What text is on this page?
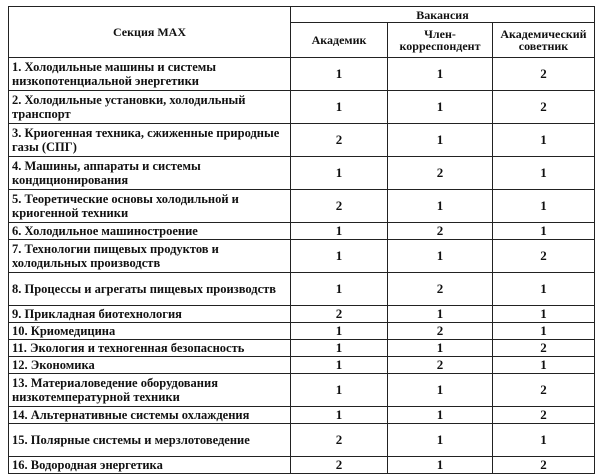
Секция МАХ	Вакансия		
	Академик	Член-корреспондент	Академический советник
1. Холодильные машины и системы низкопотенциальной энергетики	1	1	2
2. Холодильные установки, холодильный транспорт	1	1	2
3. Криогенная техника, сжиженные природные газы (СПГ)	2	1	1
4. Машины, аппараты и системы кондиционирования	1	2	1
5. Теоретические основы холодильной и криогенной техники	2	1	1
6. Холодильное машиностроение	1	2	1
7. Технологии пищевых продуктов и холодильных производств	1	1	2
8. Процессы и агрегаты пищевых производств	1	2	1
9. Прикладная биотехнология	2	1	1
10. Криомедицина	1	2	1
11. Экология и техногенная безопасность	1	1	2
12. Экономика	1	2	1
13. Материаловедение оборудования низкотемпературной техники	1	1	2
14. Альтернативные системы охлаждения	1	1	2
15. Полярные системы и мерзлотоведение	2	1	1
16. Водородная энергетика	2	1	2
